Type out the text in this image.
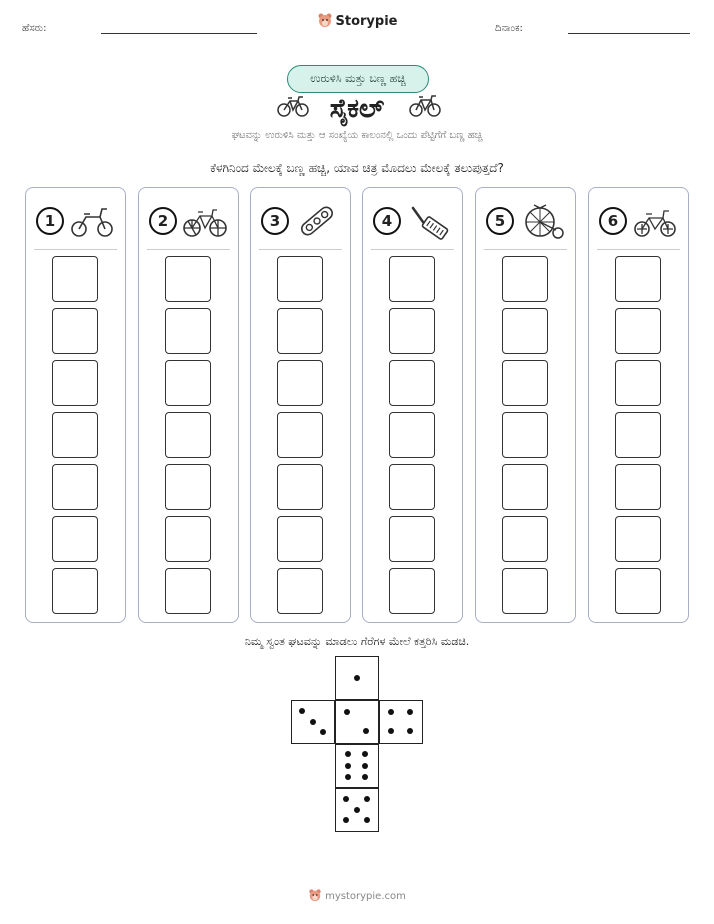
ಹೆಸರು:	Storypie	ದಿನಾಂಕ:
ಉರುಳಿಸಿ ಮತ್ತು ಬಣ್ಣ ಹಚ್ಚಿ
ಸೈಕಲ್
ಘಟವನ್ನು ಉರುಳಿಸಿ ಮತ್ತು ಆ ಸಂಖ್ಯೆಯ ಕಾಲಂನಲ್ಲಿ ಒಂದು ಪೆಟ್ಟಿಗೆಗೆ ಬಣ್ಣ ಹಚ್ಚಿ
ಕೆಳಗಿನಿಂದ ಮೇಲಕ್ಕೆ ಬಣ್ಣ ಹಚ್ಚಿ, ಯಾವ ಚಿತ್ರ ಮೊದಲು ಮೇಲಕ್ಕೆ ತಲುಪುತ್ತದೆ?
1	2	3	4	5	6
ನಿಮ್ಮ ಸ್ವಂತ ಘಟವನ್ನು ಮಾಡಲು ಗೆರೆಗಳ ಮೇಲೆ ಕತ್ತರಿಸಿ ಮಡಚಿ.
mystorypie.com
